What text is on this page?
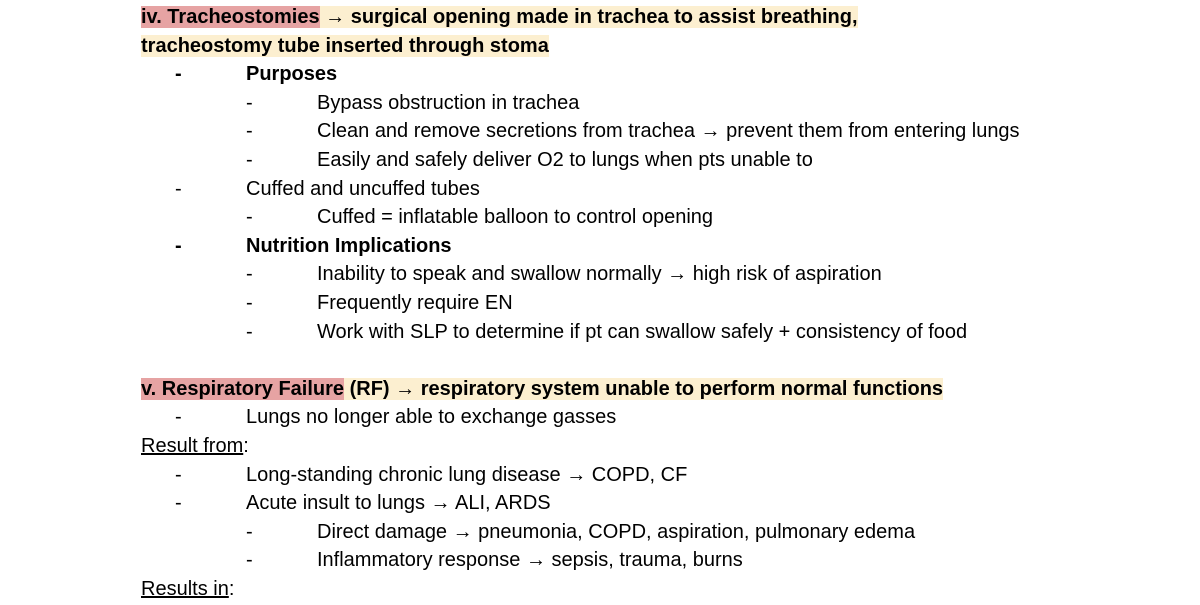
iv. Tracheostomies → surgical opening made in trachea to assist breathing,
tracheostomy tube inserted through stoma
-	Purposes
-	Bypass obstruction in trachea
-	Clean and remove secretions from trachea → prevent them from entering lungs
-	Easily and safely deliver O2 to lungs when pts unable to
-	Cuffed and uncuffed tubes
-	Cuffed = inflatable balloon to control opening
-	Nutrition Implications
-	Inability to speak and swallow normally → high risk of aspiration
-	Frequently require EN
-	Work with SLP to determine if pt can swallow safely + consistency of food
v. Respiratory Failure (RF) → respiratory system unable to perform normal functions
-	Lungs no longer able to exchange gasses
Result from:
-	Long-standing chronic lung disease → COPD, CF
-	Acute insult to lungs → ALI, ARDS
-	Direct damage → pneumonia, COPD, aspiration, pulmonary edema
-	Inflammatory response → sepsis, trauma, burns
Results in:
